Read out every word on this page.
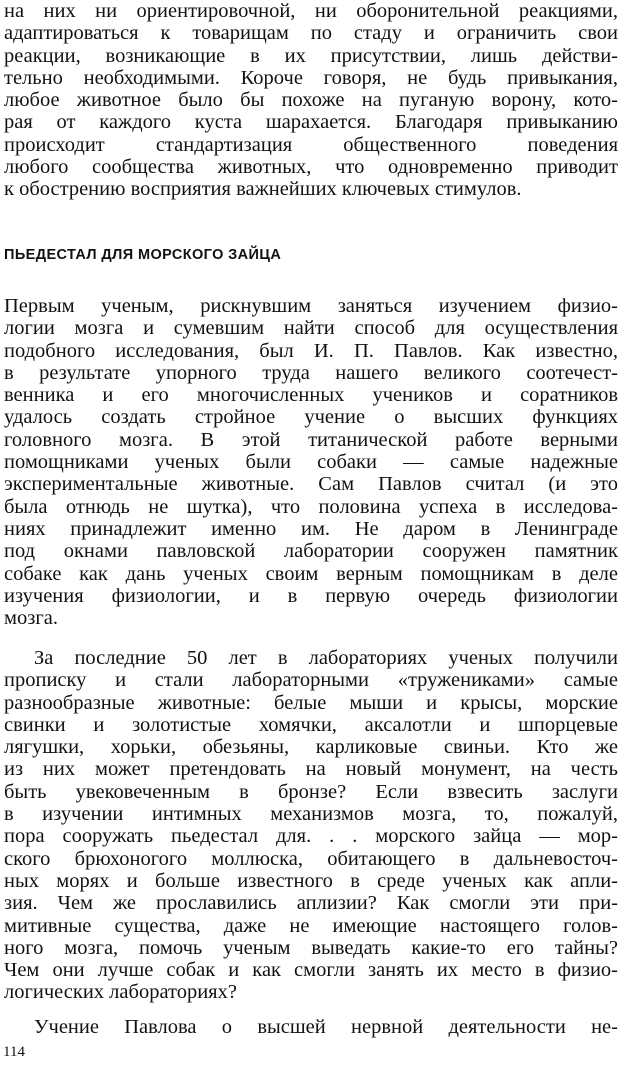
на них ни ориентировочной, ни оборонительной реакциями,
адаптироваться к товарищам по стаду и ограничить свои
реакции, возникающие в их присутствии, лишь действи-
тельно необходимыми. Короче говоря, не будь привыкания,
любое животное было бы похоже на пуганую ворону, кото-
рая от каждого куста шарахается. Благодаря привыканию
происходит стандартизация общественного поведения
любого сообщества животных, что одновременно приводит
к обострению восприятия важнейших ключевых стимулов.
ПЬЕДЕСТАЛ ДЛЯ МОРСКОГО ЗАЙЦА
Первым ученым, рискнувшим заняться изучением физио-
логии мозга и сумевшим найти способ для осуществления
подобного исследования, был И. П. Павлов. Как известно,
в результате упорного труда нашего великого соотечест-
венника и его многочисленных учеников и соратников
удалось создать стройное учение о высших функциях
головного мозга. В этой титанической работе верными
помощниками ученых были собаки — самые надежные
экспериментальные животные. Сам Павлов считал (и это
была отнюдь не шутка), что половина успеха в исследова-
ниях принадлежит именно им. Не даром в Ленинграде
под окнами павловской лаборатории сооружен памятник
собаке как дань ученых своим верным помощникам в деле
изучения физиологии, и в первую очередь физиологии
мозга.
За последние 50 лет в лабораториях ученых получили
прописку и стали лабораторными «тружениками» самые
разнообразные животные: белые мыши и крысы, морские
свинки и золотистые хомячки, аксалотли и шпорцевые
лягушки, хорьки, обезьяны, карликовые свиньи. Кто же
из них может претендовать на новый монумент, на честь
быть увековеченным в бронзе? Если взвесить заслуги
в изучении интимных механизмов мозга, то, пожалуй,
пора сооружать пьедестал для. . . морского зайца — мор-
ского брюхоногого моллюска, обитающего в дальневосточ-
ных морях и больше известного в среде ученых как апли-
зия. Чем же прославились аплизии? Как смогли эти при-
митивные существа, даже не имеющие настоящего голов-
ного мозга, помочь ученым выведать какие-то его тайны?
Чем они лучше собак и как смогли занять их место в физио-
логических лабораториях?
Учение Павлова о высшей нервной деятельности не-
114
